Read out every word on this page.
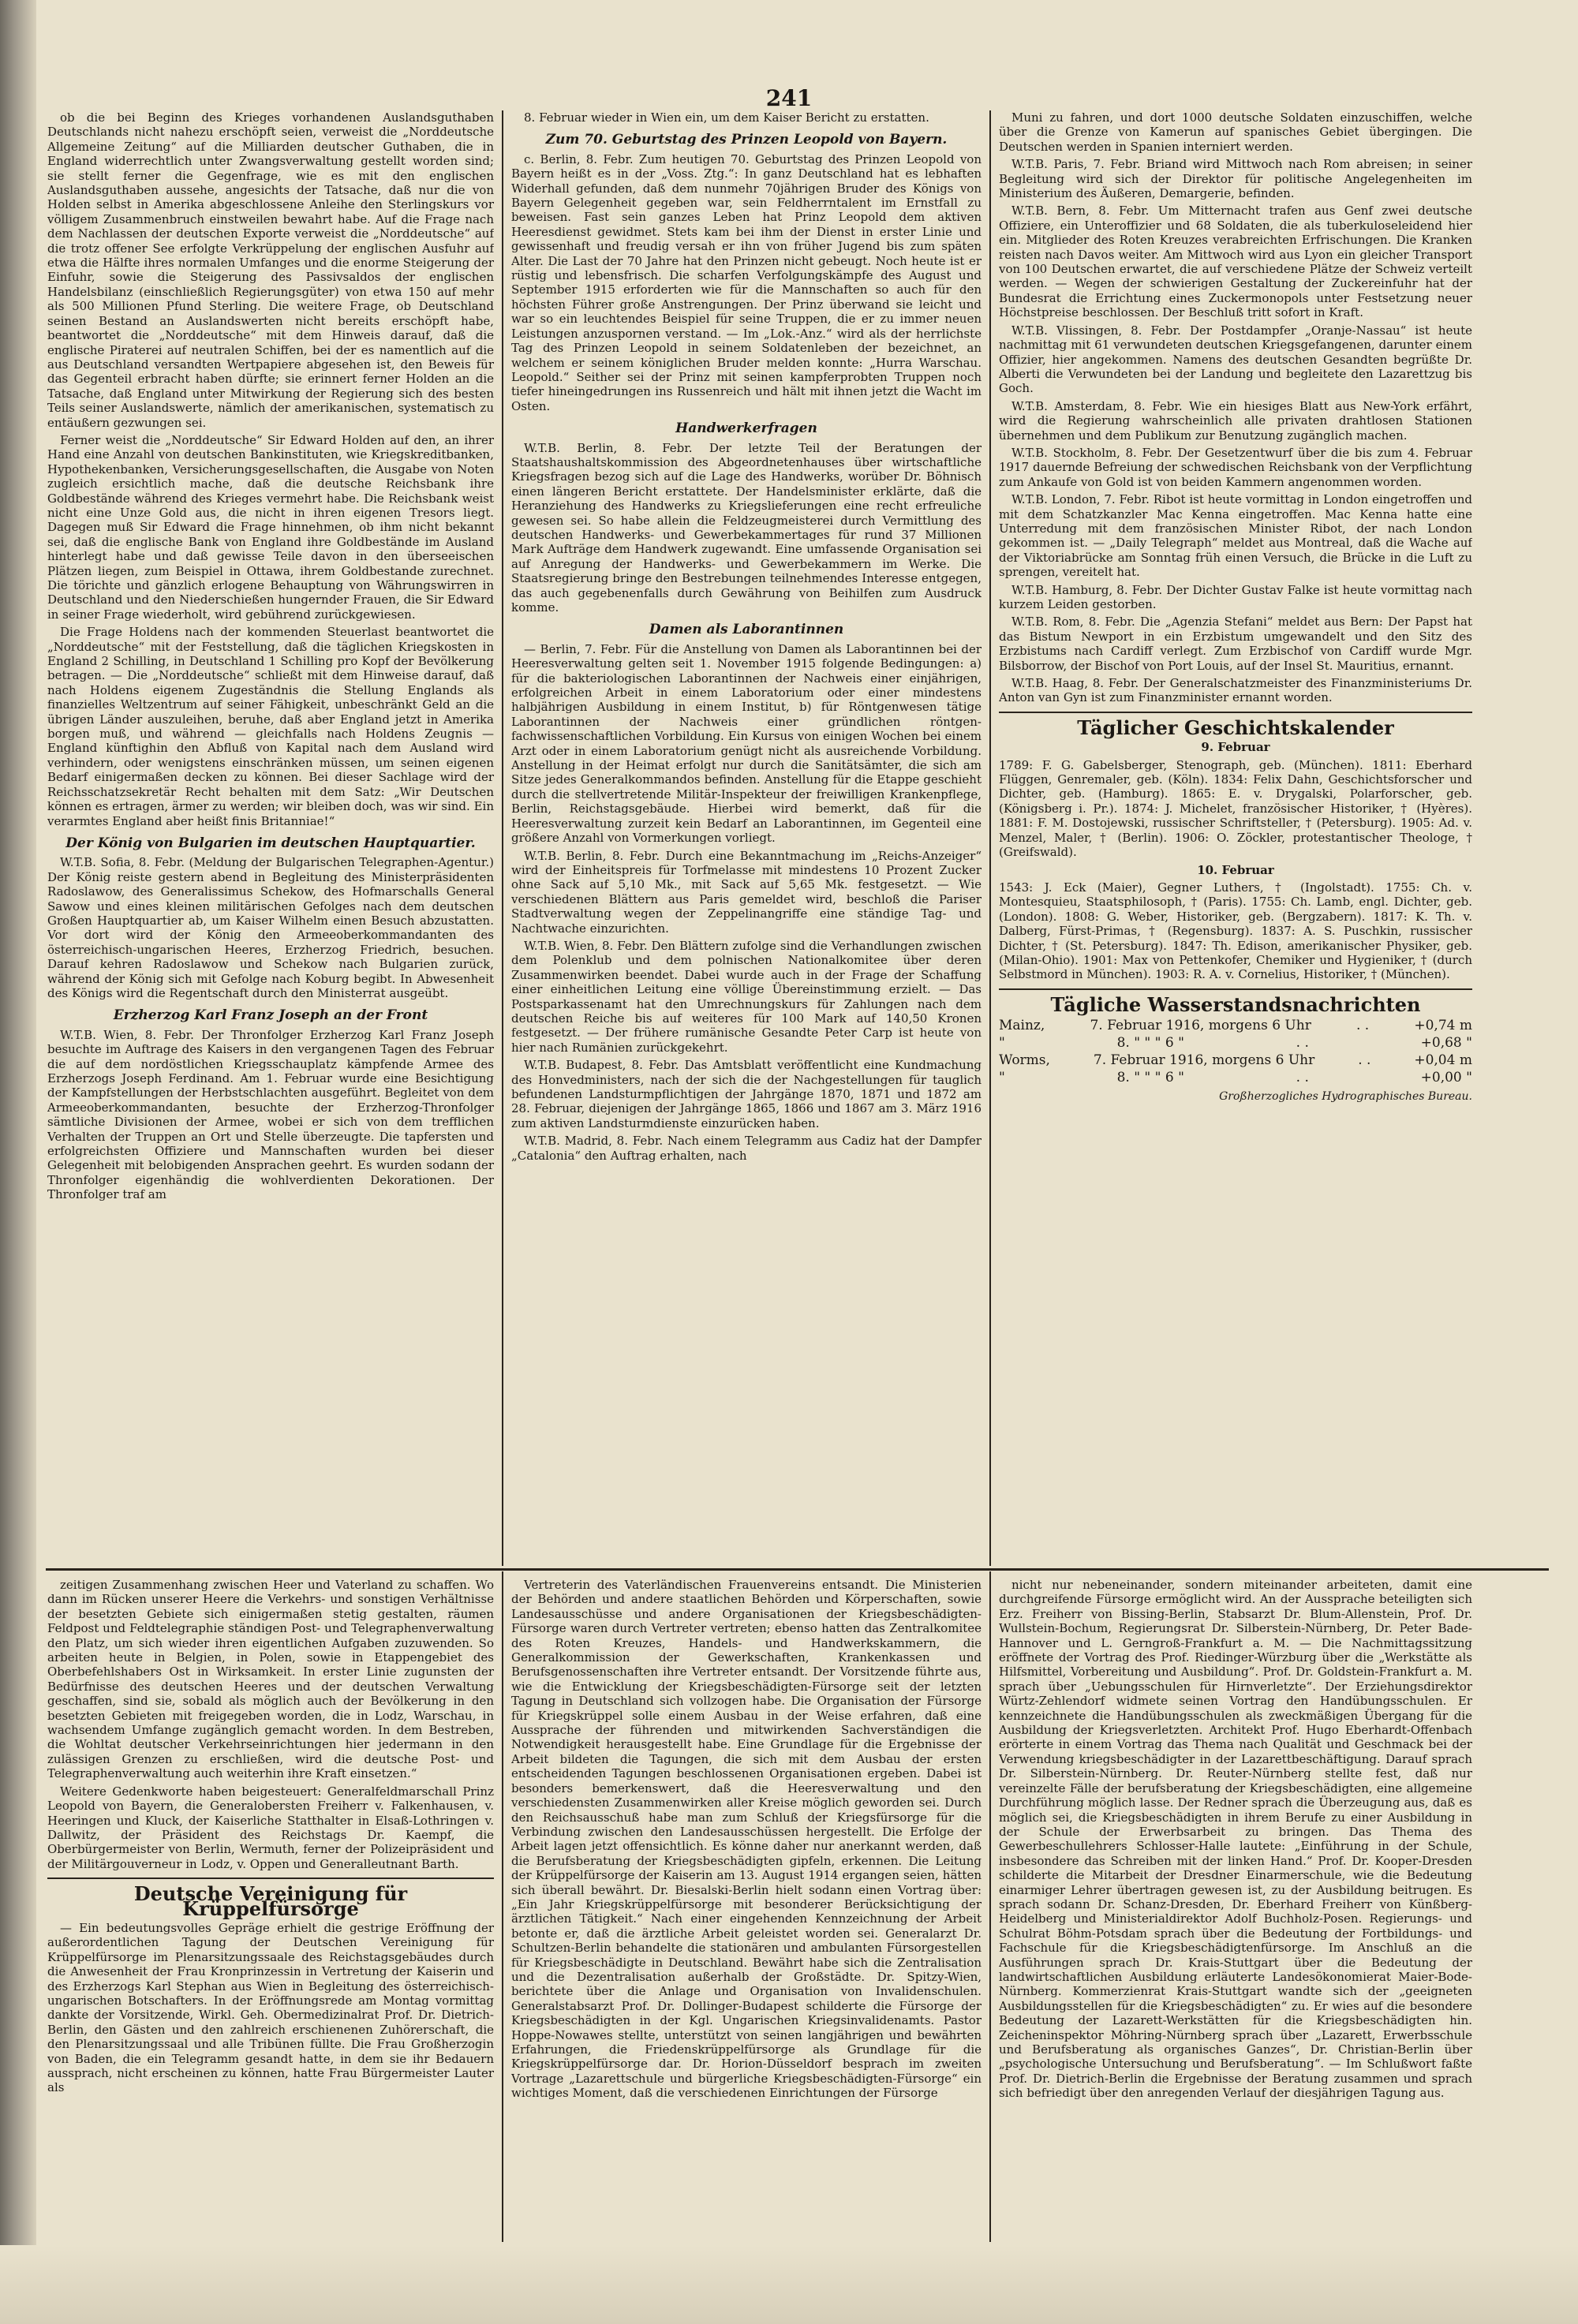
241

ob die bei Beginn des Krieges vorhandenen Auslandsguthaben Deutschlands nicht nahezu erschöpft seien, verweist die „Norddeutsche Allgemeine Zeitung“ auf die Milliarden deutscher Guthaben, die in England widerrechtlich unter Zwangsverwaltung gestellt worden sind; sie stellt ferner die Gegenfrage, wie es mit den englischen Auslandsguthaben aussehe, angesichts der Tatsache, daß nur die von Holden selbst in Amerika abgeschlossene Anleihe den Sterlingskurs vor völligem Zusammenbruch einstweilen bewahrt habe. Auf die Frage nach dem Nachlassen der deutschen Exporte verweist die „Norddeutsche“ auf die trotz offener See erfolgte Verkrüppelung der englischen Ausfuhr auf etwa die Hälfte ihres normalen Umfanges und die enorme Steigerung der Einfuhr, sowie die Steigerung des Passivsaldos der englischen Handelsbilanz (einschließlich Regierungsgüter) von etwa 150 auf mehr als 500 Millionen Pfund Sterling. Die weitere Frage, ob Deutschland seinen Bestand an Auslandswerten nicht bereits erschöpft habe, beantwortet die „Norddeutsche“ mit dem Hinweis darauf, daß die englische Piraterei auf neutralen Schiffen, bei der es namentlich auf die aus Deutschland versandten Wertpapiere abgesehen ist, den Beweis für das Gegenteil erbracht haben dürfte; sie erinnert ferner Holden an die Tatsache, daß England unter Mitwirkung der Regierung sich des besten Teils seiner Auslandswerte, nämlich der amerikanischen, systematisch zu entäußern gezwungen sei.

Ferner weist die „Norddeutsche“ Sir Edward Holden auf den, an ihrer Hand eine Anzahl von deutschen Bankinstituten, wie Kriegskreditbanken, Hypothekenbanken, Versicherungsgesellschaften, die Ausgabe von Noten zugleich ersichtlich mache, daß die deutsche Reichsbank ihre Goldbestände während des Krieges vermehrt habe. Die Reichsbank weist nicht eine Unze Gold aus, die nicht in ihren eigenen Tresors liegt. Dagegen muß Sir Edward die Frage hinnehmen, ob ihm nicht bekannt sei, daß die englische Bank von England ihre Goldbestände im Ausland hinterlegt habe und daß gewisse Teile davon in den überseeischen Plätzen liegen, zum Beispiel in Ottawa, ihrem Goldbestande zurechnet. Die törichte und gänzlich erlogene Behauptung von Währungswirren in Deutschland und den Niederschießen hungernder Frauen, die Sir Edward in seiner Frage wiederholt, wird gebührend zurückgewiesen.

Die Frage Holdens nach der kommenden Steuerlast beantwortet die „Norddeutsche“ mit der Feststellung, daß die täglichen Kriegskosten in England 2 Schilling, in Deutschland 1 Schilling pro Kopf der Bevölkerung betragen. — Die „Norddeutsche“ schließt mit dem Hinweise darauf, daß nach Holdens eigenem Zugeständnis die Stellung Englands als finanzielles Weltzentrum auf seiner Fähigkeit, unbeschränkt Geld an die übrigen Länder auszuleihen, beruhe, daß aber England jetzt in Amerika borgen muß, und während — gleichfalls nach Holdens Zeugnis — England künftighin den Abfluß von Kapital nach dem Ausland wird verhindern, oder wenigstens einschränken müssen, um seinen eigenen Bedarf einigermaßen decken zu können. Bei dieser Sachlage wird der Reichsschatzsekretär Recht behalten mit dem Satz: „Wir Deutschen können es ertragen, ärmer zu werden; wir bleiben doch, was wir sind. Ein verarmtes England aber heißt finis Britanniae!“

Der König von Bulgarien im deutschen Hauptquartier.

W.T.B. Sofia, 8. Febr. (Meldung der Bulgarischen Telegraphen-Agentur.) Der König reiste gestern abend in Begleitung des Ministerpräsidenten Radoslawow, des Generalissimus Schekow, des Hofmarschalls General Sawow und eines kleinen militärischen Gefolges nach dem deutschen Großen Hauptquartier ab, um Kaiser Wilhelm einen Besuch abzustatten. Vor dort wird der König den Armeeoberkommandanten des österreichisch-ungarischen Heeres, Erzherzog Friedrich, besuchen. Darauf kehren Radoslawow und Schekow nach Bulgarien zurück, während der König sich mit Gefolge nach Koburg begibt. In Abwesenheit des Königs wird die Regentschaft durch den Ministerrat ausgeübt.

Erzherzog Karl Franz Joseph an der Front

W.T.B. Wien, 8. Febr. Der Thronfolger Erzherzog Karl Franz Joseph besuchte im Auftrage des Kaisers in den vergangenen Tagen des Februar die auf dem nordöstlichen Kriegsschauplatz kämpfende Armee des Erzherzogs Joseph Ferdinand. Am 1. Februar wurde eine Besichtigung der Kampfstellungen der Herbstschlachten ausgeführt. Begleitet von dem Armeeoberkommandanten, besuchte der Erzherzog-Thronfolger sämtliche Divisionen der Armee, wobei er sich von dem trefflichen Verhalten der Truppen an Ort und Stelle überzeugte. Die tapfersten und erfolgreichsten Offiziere und Mannschaften wurden bei dieser Gelegenheit mit belobigenden Ansprachen geehrt. Es wurden sodann der Thronfolger eigenhändig die wohlverdienten Dekorationen. Der Thronfolger traf am

8. Februar wieder in Wien ein, um dem Kaiser Bericht zu erstatten.

Zum 70. Geburtstag des Prinzen Leopold von Bayern.

c. Berlin, 8. Febr. Zum heutigen 70. Geburtstag des Prinzen Leopold von Bayern heißt es in der „Voss. Ztg.“: In ganz Deutschland hat es lebhaften Widerhall gefunden, daß dem nunmehr 70jährigen Bruder des Königs von Bayern Gelegenheit gegeben war, sein Feldherrntalent im Ernstfall zu beweisen. Fast sein ganzes Leben hat Prinz Leopold dem aktiven Heeresdienst gewidmet. Stets kam bei ihm der Dienst in erster Linie und gewissenhaft und freudig versah er ihn von früher Jugend bis zum späten Alter. Die Last der 70 Jahre hat den Prinzen nicht gebeugt. Noch heute ist er rüstig und lebensfrisch. Die scharfen Verfolgungskämpfe des August und September 1915 erforderten wie für die Mannschaften so auch für den höchsten Führer große Anstrengungen. Der Prinz überwand sie leicht und war so ein leuchtendes Beispiel für seine Truppen, die er zu immer neuen Leistungen anzuspornen verstand. — Im „Lok.-Anz.“ wird als der herrlichste Tag des Prinzen Leopold in seinem Soldatenleben der bezeichnet, an welchem er seinem königlichen Bruder melden konnte: „Hurra Warschau. Leopold.“ Seither sei der Prinz mit seinen kampferprobten Truppen noch tiefer hineingedrungen ins Russenreich und hält mit ihnen jetzt die Wacht im Osten.

Handwerkerfragen

W.T.B. Berlin, 8. Febr. Der letzte Teil der Beratungen der Staatshaushaltskommission des Abgeordnetenhauses über wirtschaftliche Kriegsfragen bezog sich auf die Lage des Handwerks, worüber Dr. Böhnisch einen längeren Bericht erstattete. Der Handelsminister erklärte, daß die Heranziehung des Handwerks zu Kriegslieferungen eine recht erfreuliche gewesen sei. So habe allein die Feldzeugmeisterei durch Vermittlung des deutschen Handwerks- und Gewerbekammertages für rund 37 Millionen Mark Aufträge dem Handwerk zugewandt. Eine umfassende Organisation sei auf Anregung der Handwerks- und Gewerbekammern im Werke. Die Staatsregierung bringe den Bestrebungen teilnehmendes Interesse entgegen, das auch gegebenenfalls durch Gewährung von Beihilfen zum Ausdruck komme.

Damen als Laborantinnen

— Berlin, 7. Febr. Für die Anstellung von Damen als Laborantinnen bei der Heeresverwaltung gelten seit 1. November 1915 folgende Bedingungen: a) für die bakteriologischen Laborantinnen der Nachweis einer einjährigen, erfolgreichen Arbeit in einem Laboratorium oder einer mindestens halbjährigen Ausbildung in einem Institut, b) für Röntgenwesen tätige Laborantinnen der Nachweis einer gründlichen röntgen-fachwissenschaftlichen Vorbildung. Ein Kursus von einigen Wochen bei einem Arzt oder in einem Laboratorium genügt nicht als ausreichende Vorbildung. Anstellung in der Heimat erfolgt nur durch die Sanitätsämter, die sich am Sitze jedes Generalkommandos befinden. Anstellung für die Etappe geschieht durch die stellvertretende Militär-Inspekteur der freiwilligen Krankenpflege, Berlin, Reichstagsgebäude. Hierbei wird bemerkt, daß für die Heeresverwaltung zurzeit kein Bedarf an Laborantinnen, im Gegenteil eine größere Anzahl von Vormerkungen vorliegt.

W.T.B. Berlin, 8. Febr. Durch eine Bekanntmachung im „Reichs-Anzeiger“ wird der Einheitspreis für Torfmelasse mit mindestens 10 Prozent Zucker ohne Sack auf 5,10 Mk., mit Sack auf 5,65 Mk. festgesetzt. — Wie verschiedenen Blättern aus Paris gemeldet wird, beschloß die Pariser Stadtverwaltung wegen der Zeppelinangriffe eine ständige Tag- und Nachtwache einzurichten.

W.T.B. Wien, 8. Febr. Den Blättern zufolge sind die Verhandlungen zwischen dem Polenklub und dem polnischen Nationalkomitee über deren Zusammenwirken beendet. Dabei wurde auch in der Frage der Schaffung einer einheitlichen Leitung eine völlige Übereinstimmung erzielt. — Das Postsparkassenamt hat den Umrechnungskurs für Zahlungen nach dem deutschen Reiche bis auf weiteres für 100 Mark auf 140,50 Kronen festgesetzt. — Der frühere rumänische Gesandte Peter Carp ist heute von hier nach Rumänien zurückgekehrt.

W.T.B. Budapest, 8. Febr. Das Amtsblatt veröffentlicht eine Kundmachung des Honvedministers, nach der sich die der Nachgestellungen für tauglich befundenen Landsturmpflichtigen der Jahrgänge 1870, 1871 und 1872 am 28. Februar, diejenigen der Jahrgänge 1865, 1866 und 1867 am 3. März 1916 zum aktiven Landsturmdienste einzurücken haben.

W.T.B. Madrid, 8. Febr. Nach einem Telegramm aus Cadiz hat der Dampfer „Catalonia“ den Auftrag erhalten, nach

Muni zu fahren, und dort 1000 deutsche Soldaten einzuschiffen, welche über die Grenze von Kamerun auf spanisches Gebiet übergingen. Die Deutschen werden in Spanien interniert werden.

W.T.B. Paris, 7. Febr. Briand wird Mittwoch nach Rom abreisen; in seiner Begleitung wird sich der Direktor für politische Angelegenheiten im Ministerium des Äußeren, Demargerie, befinden.

W.T.B. Bern, 8. Febr. Um Mitternacht trafen aus Genf zwei deutsche Offiziere, ein Unteroffizier und 68 Soldaten, die als tuberkuloseleidend hier ein. Mitglieder des Roten Kreuzes verabreichten Erfrischungen. Die Kranken reisten nach Davos weiter. Am Mittwoch wird aus Lyon ein gleicher Transport von 100 Deutschen erwartet, die auf verschiedene Plätze der Schweiz verteilt werden. — Wegen der schwierigen Gestaltung der Zuckereinfuhr hat der Bundesrat die Errichtung eines Zuckermonopols unter Festsetzung neuer Höchstpreise beschlossen. Der Beschluß tritt sofort in Kraft.

W.T.B. Vlissingen, 8. Febr. Der Postdampfer „Oranje-Nassau“ ist heute nachmittag mit 61 verwundeten deutschen Kriegsgefangenen, darunter einem Offizier, hier angekommen. Namens des deutschen Gesandten begrüßte Dr. Alberti die Verwundeten bei der Landung und begleitete den Lazarettzug bis Goch.

W.T.B. Amsterdam, 8. Febr. Wie ein hiesiges Blatt aus New-York erfährt, wird die Regierung wahrscheinlich alle privaten drahtlosen Stationen übernehmen und dem Publikum zur Benutzung zugänglich machen.

W.T.B. Stockholm, 8. Febr. Der Gesetzentwurf über die bis zum 4. Februar 1917 dauernde Befreiung der schwedischen Reichsbank von der Verpflichtung zum Ankaufe von Gold ist von beiden Kammern angenommen worden.

W.T.B. London, 7. Febr. Ribot ist heute vormittag in London eingetroffen und mit dem Schatzkanzler Mac Kenna eingetroffen. Mac Kenna hatte eine Unterredung mit dem französischen Minister Ribot, der nach London gekommen ist. — „Daily Telegraph“ meldet aus Montreal, daß die Wache auf der Viktoriabrücke am Sonntag früh einen Versuch, die Brücke in die Luft zu sprengen, vereitelt hat.

W.T.B. Hamburg, 8. Febr. Der Dichter Gustav Falke ist heute vormittag nach kurzem Leiden gestorben.

W.T.B. Rom, 8. Febr. Die „Agenzia Stefani“ meldet aus Bern: Der Papst hat das Bistum Newport in ein Erzbistum umgewandelt und den Sitz des Erzbistums nach Cardiff verlegt. Zum Erzbischof von Cardiff wurde Mgr. Bilsborrow, der Bischof von Port Louis, auf der Insel St. Mauritius, ernannt.

W.T.B. Haag, 8. Febr. Der Generalschatzmeister des Finanzministeriums Dr. Anton van Gyn ist zum Finanzminister ernannt worden.

Täglicher Geschichtskalender

9. Februar

1789: F. G. Gabelsberger, Stenograph, geb. (München). 1811: Eberhard Flüggen, Genremaler, geb. (Köln). 1834: Felix Dahn, Geschichtsforscher und Dichter, geb. (Hamburg). 1865: E. v. Drygalski, Polarforscher, geb. (Königsberg i. Pr.). 1874: J. Michelet, französischer Historiker, † (Hyères). 1881: F. M. Dostojewski, russischer Schriftsteller, † (Petersburg). 1905: Ad. v. Menzel, Maler, † (Berlin). 1906: O. Zöckler, protestantischer Theologe, † (Greifswald).

10. Februar

1543: J. Eck (Maier), Gegner Luthers, † (Ingolstadt). 1755: Ch. v. Montesquieu, Staatsphilosoph, † (Paris). 1755: Ch. Lamb, engl. Dichter, geb. (London). 1808: G. Weber, Historiker, geb. (Bergzabern). 1817: K. Th. v. Dalberg, Fürst-Primas, † (Regensburg). 1837: A. S. Puschkin, russischer Dichter, † (St. Petersburg). 1847: Th. Edison, amerikanischer Physiker, geb. (Milan-Ohio). 1901: Max von Pettenkofer, Chemiker und Hygieniker, † (durch Selbstmord in München). 1903: R. A. v. Cornelius, Historiker, † (München).

Tägliche Wasserstandsnachrichten
Mainz,	7. Februar 1916, morgens 6 Uhr	. .	+0,74 m
"	8. " " " 6 "	. .	+0,68 "
Worms,	7. Februar 1916, morgens 6 Uhr	. .	+0,04 m
"	8. " " " 6 "	. .	+0,00 "
Großherzogliches Hydrographisches Bureau.

zeitigen Zusammenhang zwischen Heer und Vaterland zu schaffen. Wo dann im Rücken unserer Heere die Verkehrs- und sonstigen Verhältnisse der besetzten Gebiete sich einigermaßen stetig gestalten, räumen Feldpost und Feldtelegraphie ständigen Post- und Telegraphenverwaltung den Platz, um sich wieder ihren eigentlichen Aufgaben zuzuwenden. So arbeiten heute in Belgien, in Polen, sowie in Etappengebiet des Oberbefehlshabers Ost in Wirksamkeit. In erster Linie zugunsten der Bedürfnisse des deutschen Heeres und der deutschen Verwaltung geschaffen, sind sie, sobald als möglich auch der Bevölkerung in den besetzten Gebieten mit freigegeben worden, die in Lodz, Warschau, in wachsendem Umfange zugänglich gemacht worden. In dem Bestreben, die Wohltat deutscher Verkehrseinrichtungen hier jedermann in den zulässigen Grenzen zu erschließen, wird die deutsche Post- und Telegraphenverwaltung auch weiterhin ihre Kraft einsetzen.“

Weitere Gedenkworte haben beigesteuert: Generalfeldmarschall Prinz Leopold von Bayern, die Generalobersten Freiherr v. Falkenhausen, v. Heeringen und Kluck, der Kaiserliche Statthalter in Elsaß-Lothringen v. Dallwitz, der Präsident des Reichstags Dr. Kaempf, die Oberbürgermeister von Berlin, Wermuth, ferner der Polizeipräsident und der Militärgouverneur in Lodz, v. Oppen und Generalleutnant Barth.

Deutsche Vereinigung für Krüppelfürsorge

— Ein bedeutungsvolles Gepräge erhielt die gestrige Eröffnung der außerordentlichen Tagung der Deutschen Vereinigung für Krüppelfürsorge im Plenarsitzungssaale des Reichstagsgebäudes durch die Anwesenheit der Frau Kronprinzessin in Vertretung der Kaiserin und des Erzherzogs Karl Stephan aus Wien in Begleitung des österreichisch-ungarischen Botschafters. In der Eröffnungsrede am Montag vormittag dankte der Vorsitzende, Wirkl. Geh. Obermedizinalrat Prof. Dr. Dietrich-Berlin, den Gästen und den zahlreich erschienenen Zuhörerschaft, die den Plenarsitzungssaal und alle Tribünen füllte. Die Frau Großherzogin von Baden, die ein Telegramm gesandt hatte, in dem sie ihr Bedauern aussprach, nicht erscheinen zu können, hatte Frau Bürgermeister Lauter als

Vertreterin des Vaterländischen Frauenvereins entsandt. Die Ministerien der Behörden und andere staatlichen Behörden und Körperschaften, sowie Landesausschüsse und andere Organisationen der Kriegsbeschädigten-Fürsorge waren durch Vertreter vertreten; ebenso hatten das Zentralkomitee des Roten Kreuzes, Handels- und Handwerkskammern, die Generalkommission der Gewerkschaften, Krankenkassen und Berufsgenossenschaften ihre Vertreter entsandt. Der Vorsitzende führte aus, wie die Entwicklung der Kriegsbeschädigten-Fürsorge seit der letzten Tagung in Deutschland sich vollzogen habe. Die Organisation der Fürsorge für Kriegskrüppel solle einem Ausbau in der Weise erfahren, daß eine Aussprache der führenden und mitwirkenden Sachverständigen die Notwendigkeit herausgestellt habe. Eine Grundlage für die Ergebnisse der Arbeit bildeten die Tagungen, die sich mit dem Ausbau der ersten entscheidenden Tagungen beschlossenen Organisationen ergeben. Dabei ist besonders bemerkenswert, daß die Heeresverwaltung und den verschiedensten Zusammenwirken aller Kreise möglich geworden sei. Durch den Reichsausschuß habe man zum Schluß der Kriegsfürsorge für die Verbindung zwischen den Landesausschüssen hergestellt. Die Erfolge der Arbeit lagen jetzt offensichtlich. Es könne daher nur anerkannt werden, daß die Berufsberatung der Kriegsbeschädigten gipfeln, erkennen. Die Leitung der Krüppelfürsorge der Kaiserin am 13. August 1914 ergangen seien, hätten sich überall bewährt. Dr. Biesalski-Berlin hielt sodann einen Vortrag über: „Ein Jahr Kriegskrüppelfürsorge mit besonderer Berücksichtigung der ärztlichen Tätigkeit.“ Nach einer eingehenden Kennzeichnung der Arbeit betonte er, daß die ärztliche Arbeit geleistet worden sei. Generalarzt Dr. Schultzen-Berlin behandelte die stationären und ambulanten Fürsorgestellen für Kriegsbeschädigte in Deutschland. Bewährt habe sich die Zentralisation und die Dezentralisation außerhalb der Großstädte. Dr. Spitzy-Wien, berichtete über die Anlage und Organisation von Invalidenschulen. Generalstabsarzt Prof. Dr. Dollinger-Budapest schilderte die Fürsorge der Kriegsbeschädigten in der Kgl. Ungarischen Kriegsinvalidenamts. Pastor Hoppe-Nowawes stellte, unterstützt von seinen langjährigen und bewährten Erfahrungen, die Friedenskrüppelfürsorge als Grundlage für die Kriegskrüppelfürsorge dar. Dr. Horion-Düsseldorf besprach im zweiten Vortrage „Lazarettschule und bürgerliche Kriegsbeschädigten-Fürsorge“ ein wichtiges Moment, daß die verschiedenen Einrichtungen der Fürsorge

nicht nur nebeneinander, sondern miteinander arbeiteten, damit eine durchgreifende Fürsorge ermöglicht wird. An der Aussprache beteiligten sich Erz. Freiherr von Bissing-Berlin, Stabsarzt Dr. Blum-Allenstein, Prof. Dr. Wullstein-Bochum, Regierungsrat Dr. Silberstein-Nürnberg, Dr. Peter Bade-Hannover und L. Gerngroß-Frankfurt a. M. — Die Nachmittagssitzung eröffnete der Vortrag des Prof. Riedinger-Würzburg über die „Werkstätte als Hilfsmittel, Vorbereitung und Ausbildung“. Prof. Dr. Goldstein-Frankfurt a. M. sprach über „Uebungsschulen für Hirnverletzte“. Der Erziehungsdirektor Würtz-Zehlendorf widmete seinen Vortrag den Handübungsschulen. Er kennzeichnete die Handübungsschulen als zweckmäßigen Übergang für die Ausbildung der Kriegsverletzten. Architekt Prof. Hugo Eberhardt-Offenbach erörterte in einem Vortrag das Thema nach Qualität und Geschmack bei der Verwendung kriegsbeschädigter in der Lazarettbeschäftigung. Darauf sprach Dr. Silberstein-Nürnberg. Dr. Reuter-Nürnberg stellte fest, daß nur vereinzelte Fälle der berufsberatung der Kriegsbeschädigten, eine allgemeine Durchführung möglich lasse. Der Redner sprach die Überzeugung aus, daß es möglich sei, die Kriegsbeschädigten in ihrem Berufe zu einer Ausbildung in der Schule der Erwerbsarbeit zu bringen. Das Thema des Gewerbeschullehrers Schlosser-Halle lautete: „Einführung in der Schule, insbesondere das Schreiben mit der linken Hand.“ Prof. Dr. Kooper-Dresden schilderte die Mitarbeit der Dresdner Einarmerschule, wie die Bedeutung einarmiger Lehrer übertragen gewesen ist, zu der Ausbildung beitrugen. Es sprach sodann Dr. Schanz-Dresden, Dr. Eberhard Freiherr von Künßberg-Heidelberg und Ministerialdirektor Adolf Buchholz-Posen. Regierungs- und Schulrat Böhm-Potsdam sprach über die Bedeutung der Fortbildungs- und Fachschule für die Kriegsbeschädigtenfürsorge. Im Anschluß an die Ausführungen sprach Dr. Krais-Stuttgart über die Bedeutung der landwirtschaftlichen Ausbildung erläuterte Landesökonomierat Maier-Bode-Nürnberg. Kommerzienrat Krais-Stuttgart wandte sich der „geeigneten Ausbildungsstellen für die Kriegsbeschädigten“ zu. Er wies auf die besondere Bedeutung der Lazarett-Werkstätten für die Kriegsbeschädigten hin. Zeicheninspektor Möhring-Nürnberg sprach über „Lazarett, Erwerbsschule und Berufsberatung als organisches Ganzes“, Dr. Christian-Berlin über „psychologische Untersuchung und Berufsberatung“. — Im Schlußwort faßte Prof. Dr. Dietrich-Berlin die Ergebnisse der Beratung zusammen und sprach sich befriedigt über den anregenden Verlauf der diesjährigen Tagung aus.
